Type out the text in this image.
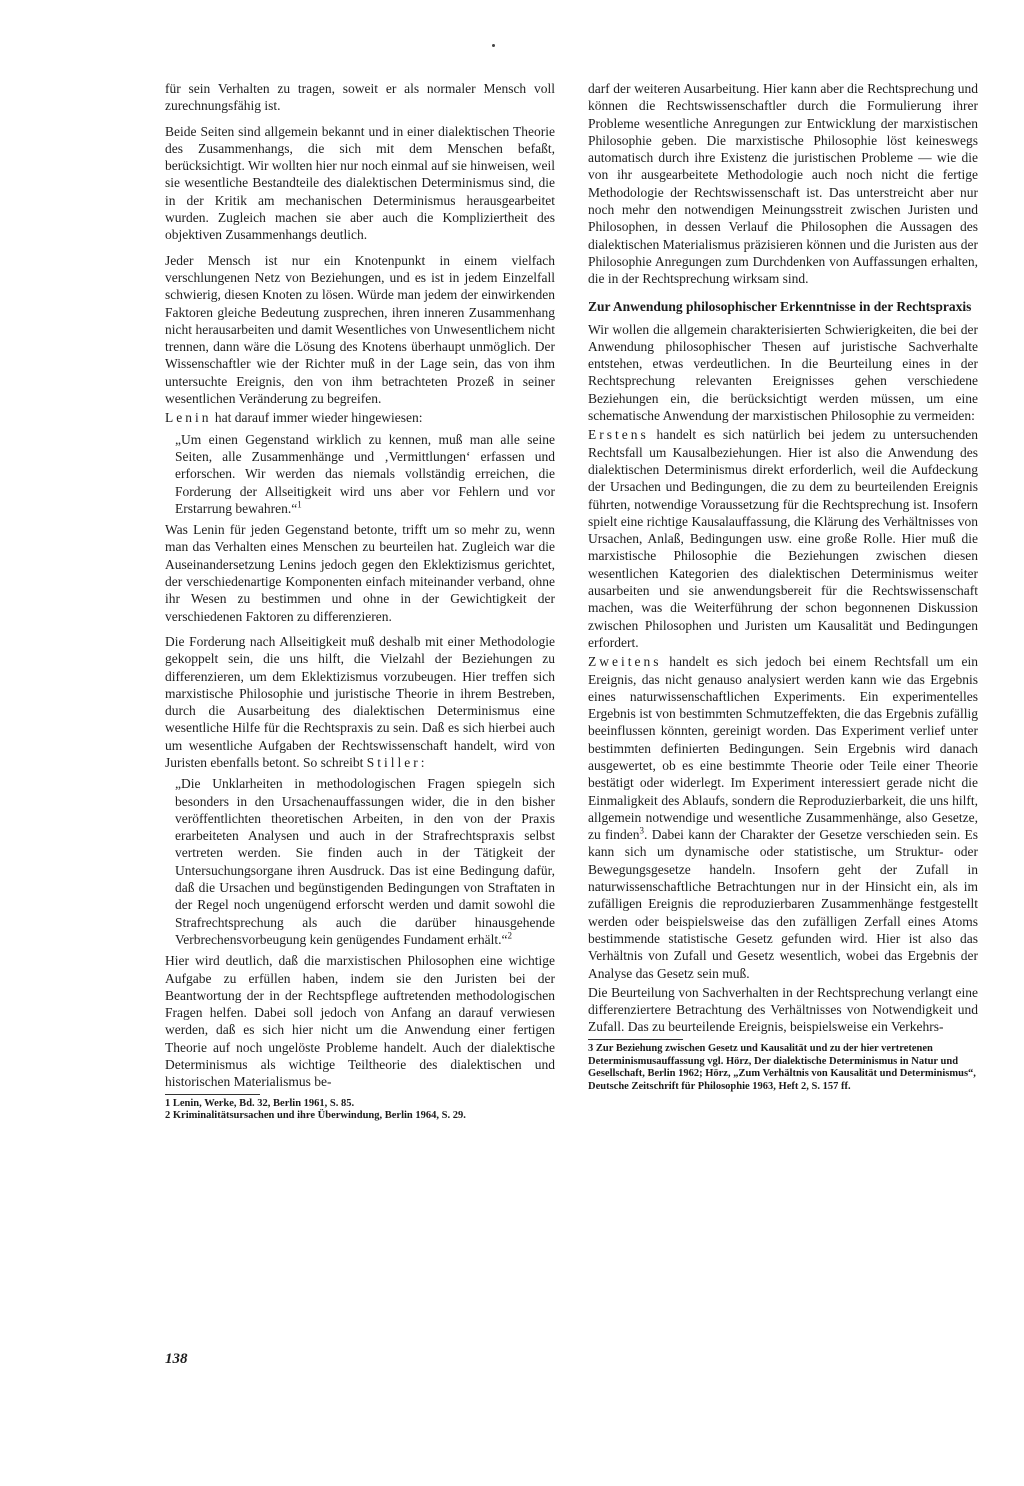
für sein Verhalten zu tragen, soweit er als normaler Mensch voll zurechnungsfähig ist.

Beide Seiten sind allgemein bekannt und in einer dialektischen Theorie des Zusammenhangs, die sich mit dem Menschen befaßt, berücksichtigt. Wir wollten hier nur noch einmal auf sie hinweisen, weil sie wesentliche Bestandteile des dialektischen Determinismus sind, die in der Kritik am mechanischen Determinismus herausgearbeitet wurden. Zugleich machen sie aber auch die Kompliziertheit des objektiven Zusammenhangs deutlich.

Jeder Mensch ist nur ein Knotenpunkt in einem vielfach verschlungenen Netz von Beziehungen, und es ist in jedem Einzelfall schwierig, diesen Knoten zu lösen. Würde man jedem der einwirkenden Faktoren gleiche Bedeutung zusprechen, ihren inneren Zusammenhang nicht herausarbeiten und damit Wesentliches von Unwesentlichem nicht trennen, dann wäre die Lösung des Knotens überhaupt unmöglich. Der Wissenschaftler wie der Richter muß in der Lage sein, das von ihm untersuchte Ereignis, den von ihm betrachteten Prozeß in seiner wesentlichen Veränderung zu begreifen.

Lenin hat darauf immer wieder hingewiesen:

„Um einen Gegenstand wirklich zu kennen, muß man alle seine Seiten, alle Zusammenhänge und ‚Vermittlungen‘ erfassen und erforschen. Wir werden das niemals vollständig erreichen, die Forderung der Allseitigkeit wird uns aber vor Fehlern und vor Erstarrung bewahren.“$^1$

Was Lenin für jeden Gegenstand betonte, trifft um so mehr zu, wenn man das Verhalten eines Menschen zu beurteilen hat. Zugleich war die Auseinandersetzung Lenins jedoch gegen den Eklektizismus gerichtet, der verschiedenartige Komponenten einfach miteinander verband, ohne ihr Wesen zu bestimmen und ohne in der Gewichtigkeit der verschiedenen Faktoren zu differenzieren.

Die Forderung nach Allseitigkeit muß deshalb mit einer Methodologie gekoppelt sein, die uns hilft, die Vielzahl der Beziehungen zu differenzieren, um dem Eklektizismus vorzubeugen. Hier treffen sich marxistische Philosophie und juristische Theorie in ihrem Bestreben, durch die Ausarbeitung des dialektischen Determinismus eine wesentliche Hilfe für die Rechtspraxis zu sein. Daß es sich hierbei auch um wesentliche Aufgaben der Rechtswissenschaft handelt, wird von Juristen ebenfalls betont. So schreibt Stiller:

„Die Unklarheiten in methodologischen Fragen spiegeln sich besonders in den Ursachenauffassungen wider, die in den bisher veröffentlichten theoretischen Arbeiten, in den von der Praxis erarbeiteten Analysen und auch in der Strafrechtspraxis selbst vertreten werden. Sie finden auch in der Tätigkeit der Untersuchungsorgane ihren Ausdruck. Das ist eine Bedingung dafür, daß die Ursachen und begünstigenden Bedingungen von Straftaten in der Regel noch ungenügend erforscht werden und damit sowohl die Strafrechtsprechung als auch die darüber hinausgehende Verbrechensvorbeugung kein genügendes Fundament erhält.“$^2$

Hier wird deutlich, daß die marxistischen Philosophen eine wichtige Aufgabe zu erfüllen haben, indem sie den Juristen bei der Beantwortung der in der Rechtspflege auftretenden methodologischen Fragen helfen. Dabei soll jedoch von Anfang an darauf verwiesen werden, daß es sich hier nicht um die Anwendung einer fertigen Theorie auf noch ungelöste Probleme handelt. Auch der dialektische Determinismus als wichtige Teiltheorie des dialektischen und historischen Materialismus be-

1 Lenin, Werke, Bd. 32, Berlin 1961, S. 85.

2 Kriminalitätsursachen und ihre Überwindung, Berlin 1964, S. 29.

darf der weiteren Ausarbeitung. Hier kann aber die Rechtsprechung und können die Rechtswissenschaftler durch die Formulierung ihrer Probleme wesentliche Anregungen zur Entwicklung der marxistischen Philosophie geben. Die marxistische Philosophie löst keineswegs automatisch durch ihre Existenz die juristischen Probleme — wie die von ihr ausgearbeitete Methodologie auch noch nicht die fertige Methodologie der Rechtswissenschaft ist. Das unterstreicht aber nur noch mehr den notwendigen Meinungsstreit zwischen Juristen und Philosophen, in dessen Verlauf die Philosophen die Aussagen des dialektischen Materialismus präzisieren können und die Juristen aus der Philosophie Anregungen zum Durchdenken von Auffassungen erhalten, die in der Rechtsprechung wirksam sind.

Zur Anwendung philosophischer Erkenntnisse in der Rechtspraxis

Wir wollen die allgemein charakterisierten Schwierigkeiten, die bei der Anwendung philosophischer Thesen auf juristische Sachverhalte entstehen, etwas verdeutlichen. In die Beurteilung eines in der Rechtsprechung relevanten Ereignisses gehen verschiedene Beziehungen ein, die berücksichtigt werden müssen, um eine schematische Anwendung der marxistischen Philosophie zu vermeiden:

Erstens handelt es sich natürlich bei jedem zu untersuchenden Rechtsfall um Kausalbeziehungen. Hier ist also die Anwendung des dialektischen Determinismus direkt erforderlich, weil die Aufdeckung der Ursachen und Bedingungen, die zu dem zu beurteilenden Ereignis führten, notwendige Voraussetzung für die Rechtsprechung ist. Insofern spielt eine richtige Kausalauffassung, die Klärung des Verhältnisses von Ursachen, Anlaß, Bedingungen usw. eine große Rolle. Hier muß die marxistische Philosophie die Beziehungen zwischen diesen wesentlichen Kategorien des dialektischen Determinismus weiter ausarbeiten und sie anwendungsbereit für die Rechtswissenschaft machen, was die Weiterführung der schon begonnenen Diskussion zwischen Philosophen und Juristen um Kausalität und Bedingungen erfordert.

Zweitens handelt es sich jedoch bei einem Rechtsfall um ein Ereignis, das nicht genauso analysiert werden kann wie das Ergebnis eines naturwissenschaftlichen Experiments. Ein experimentelles Ergebnis ist von bestimmten Schmutzeffekten, die das Ergebnis zufällig beeinflussen könnten, gereinigt worden. Das Experiment verlief unter bestimmten definierten Bedingungen. Sein Ergebnis wird danach ausgewertet, ob es eine bestimmte Theorie oder Teile einer Theorie bestätigt oder widerlegt. Im Experiment interessiert gerade nicht die Einmaligkeit des Ablaufs, sondern die Reproduzierbarkeit, die uns hilft, allgemein notwendige und wesentliche Zusammenhänge, also Gesetze, zu finden$^3$. Dabei kann der Charakter der Gesetze verschieden sein. Es kann sich um dynamische oder statistische, um Struktur- oder Bewegungsgesetze handeln. Insofern geht der Zufall in naturwissenschaftliche Betrachtungen nur in der Hinsicht ein, als im zufälligen Ereignis die reproduzierbaren Zusammenhänge festgestellt werden oder beispielsweise das den zufälligen Zerfall eines Atoms bestimmende statistische Gesetz gefunden wird. Hier ist also das Verhältnis von Zufall und Gesetz wesentlich, wobei das Ergebnis der Analyse das Gesetz sein muß.

Die Beurteilung von Sachverhalten in der Rechtsprechung verlangt eine differenziertere Betrachtung des Verhältnisses von Notwendigkeit und Zufall. Das zu beurteilende Ereignis, beispielsweise ein Verkehrs-

3 Zur Beziehung zwischen Gesetz und Kausalität und zu der hier vertretenen Determinismusauffassung vgl. Hörz, Der dialektische Determinismus in Natur und Gesellschaft, Berlin 1962; Hörz, „Zum Verhältnis von Kausalität und Determinismus“, Deutsche Zeitschrift für Philosophie 1963, Heft 2, S. 157 ff.

138
